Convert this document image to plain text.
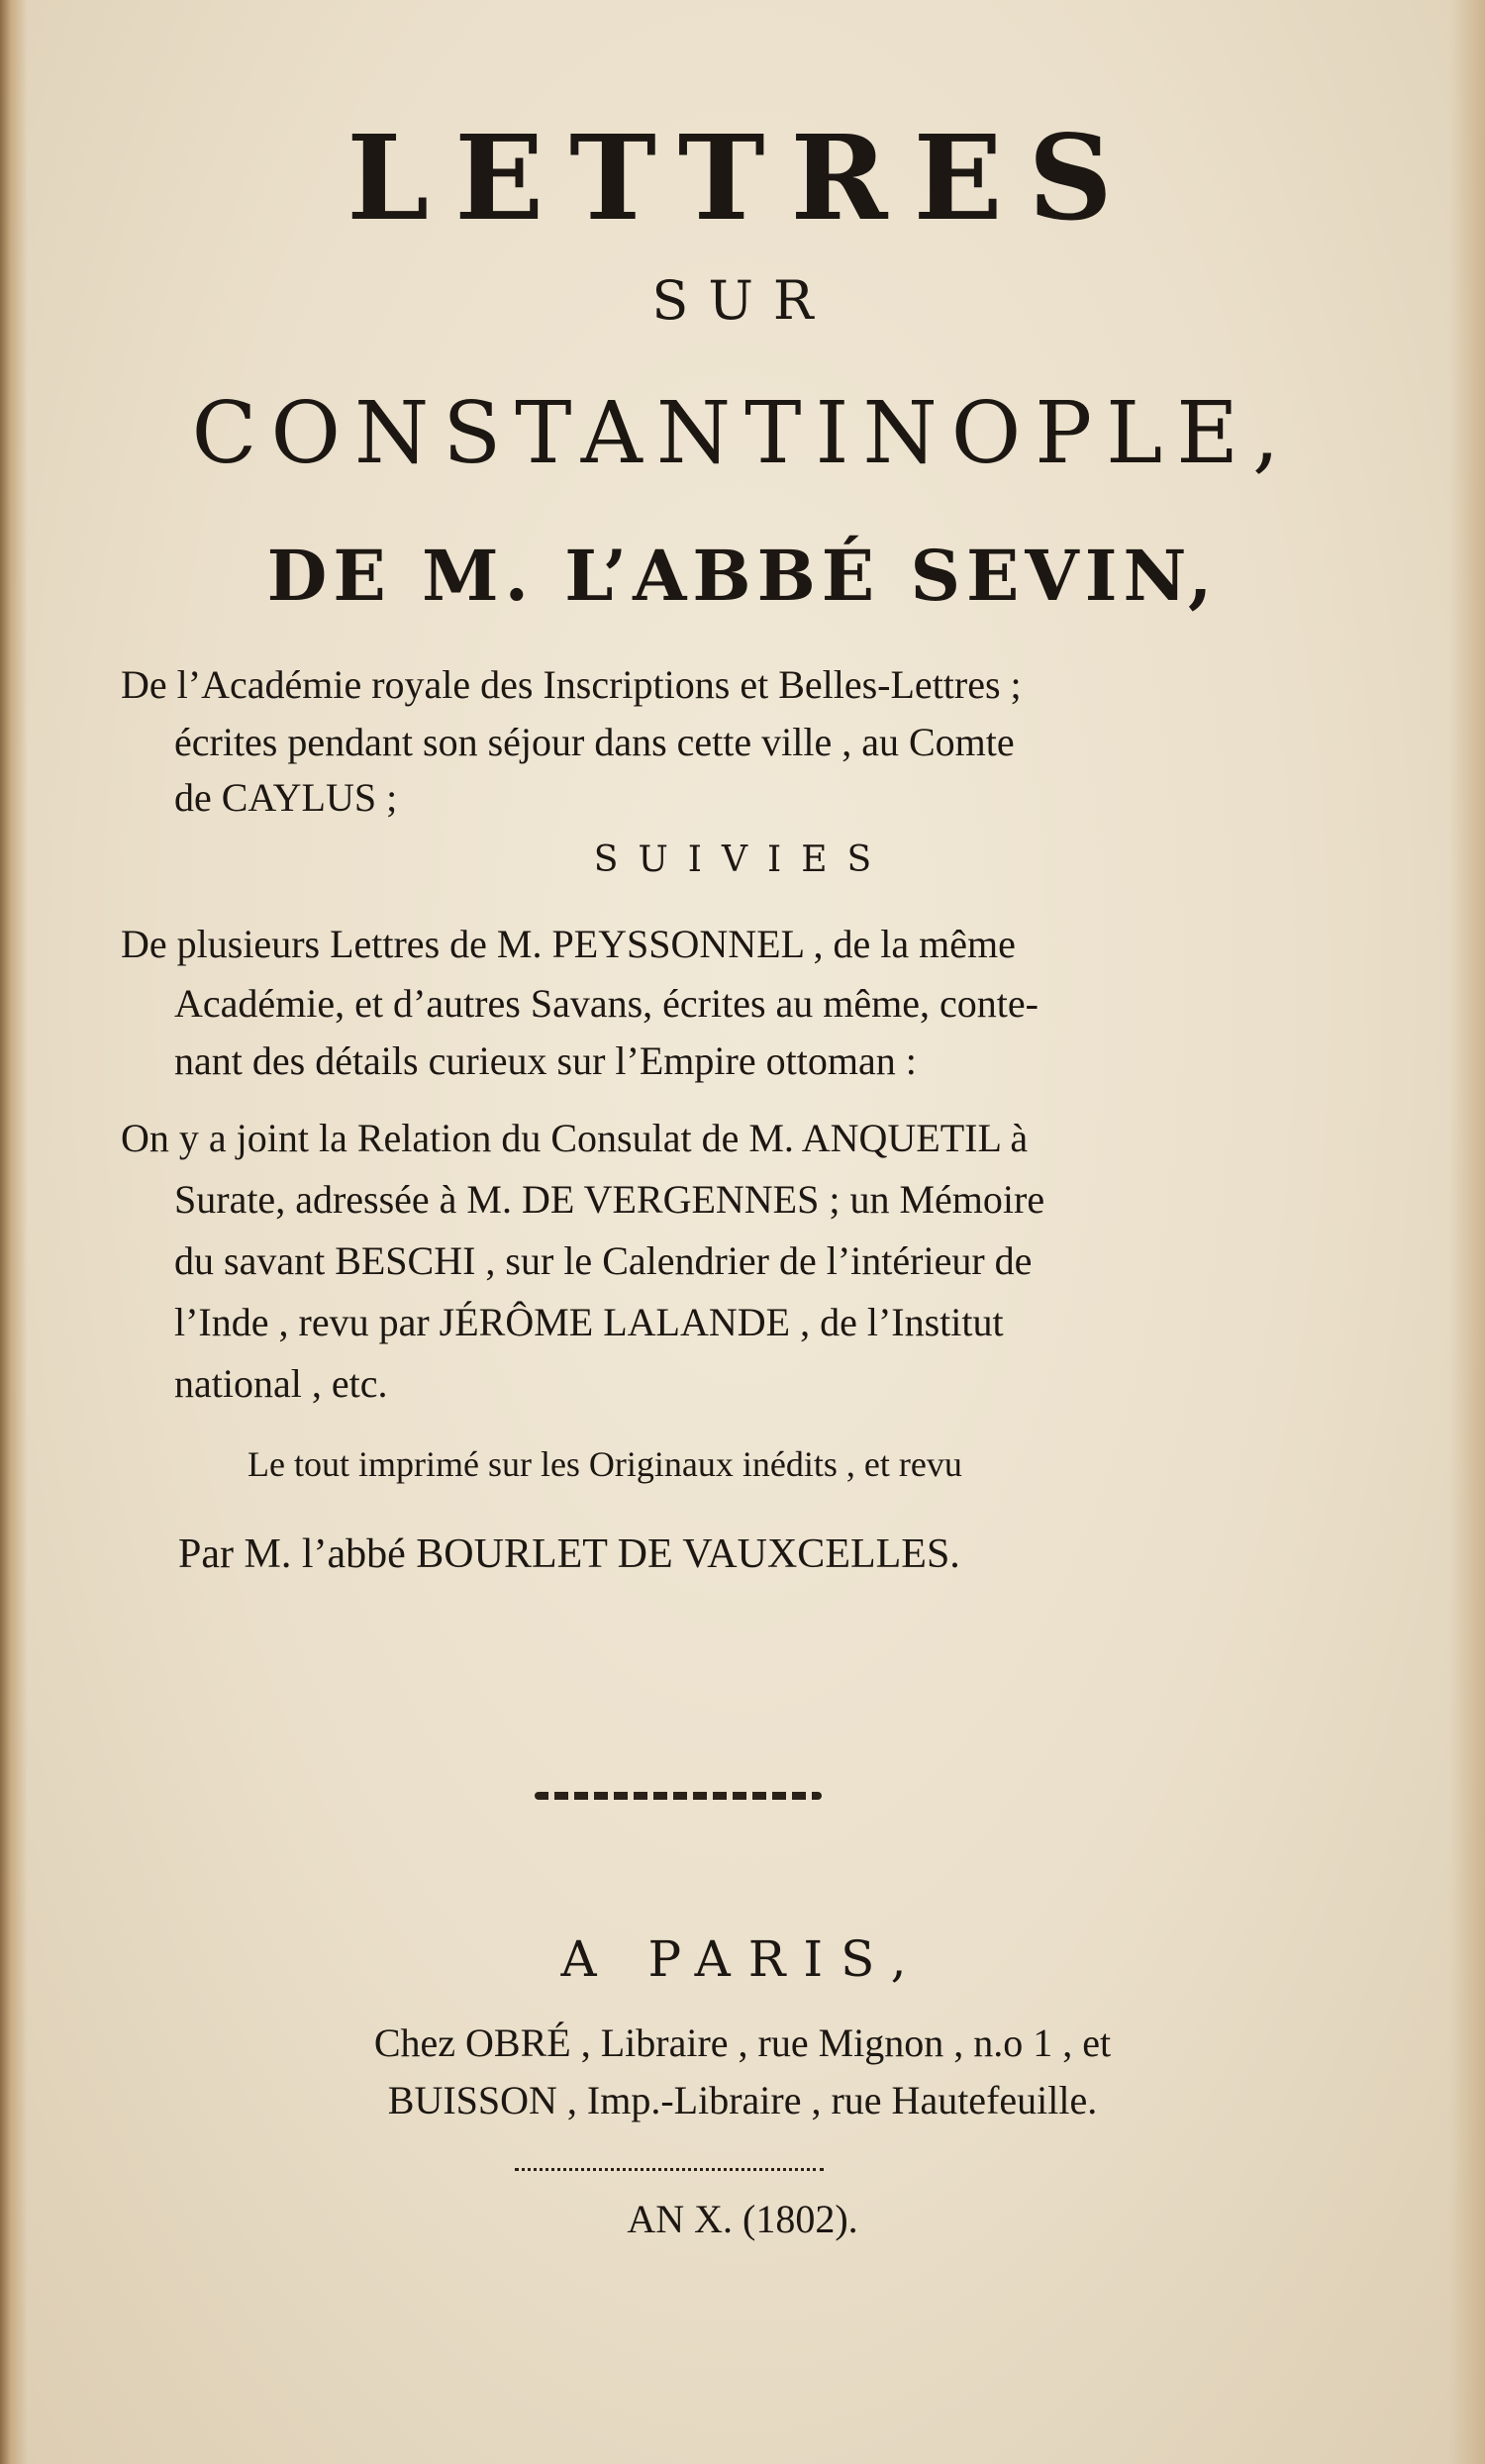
LETTRES

SUR

CONSTANTINOPLE,

DE M. L’ABBÉ SEVIN,

De l’Académie royale des Inscriptions et Belles-Lettres ;

écrites pendant son séjour dans cette ville , au Comte

de CAYLUS ;

SUIVIES

De plusieurs Lettres de M. PEYSSONNEL , de la même

Académie, et d’autres Savans, écrites au même, conte-

nant des détails curieux sur l’Empire ottoman :

On y a joint la Relation du Consulat de M. ANQUETIL à

Surate, adressée à M. DE VERGENNES ; un Mémoire

du savant BESCHI , sur le Calendrier de l’intérieur de

l’Inde , revu par JÉRÔME LALANDE , de l’Institut

national , etc.

Le tout imprimé sur les Originaux inédits , et revu

Par M. l’abbé BOURLET DE VAUXCELLES.

A PARIS,

Chez OBRÉ , Libraire , rue Mignon , n.o 1 , et

BUISSON , Imp.-Libraire , rue Hautefeuille.

AN X. (1802).
